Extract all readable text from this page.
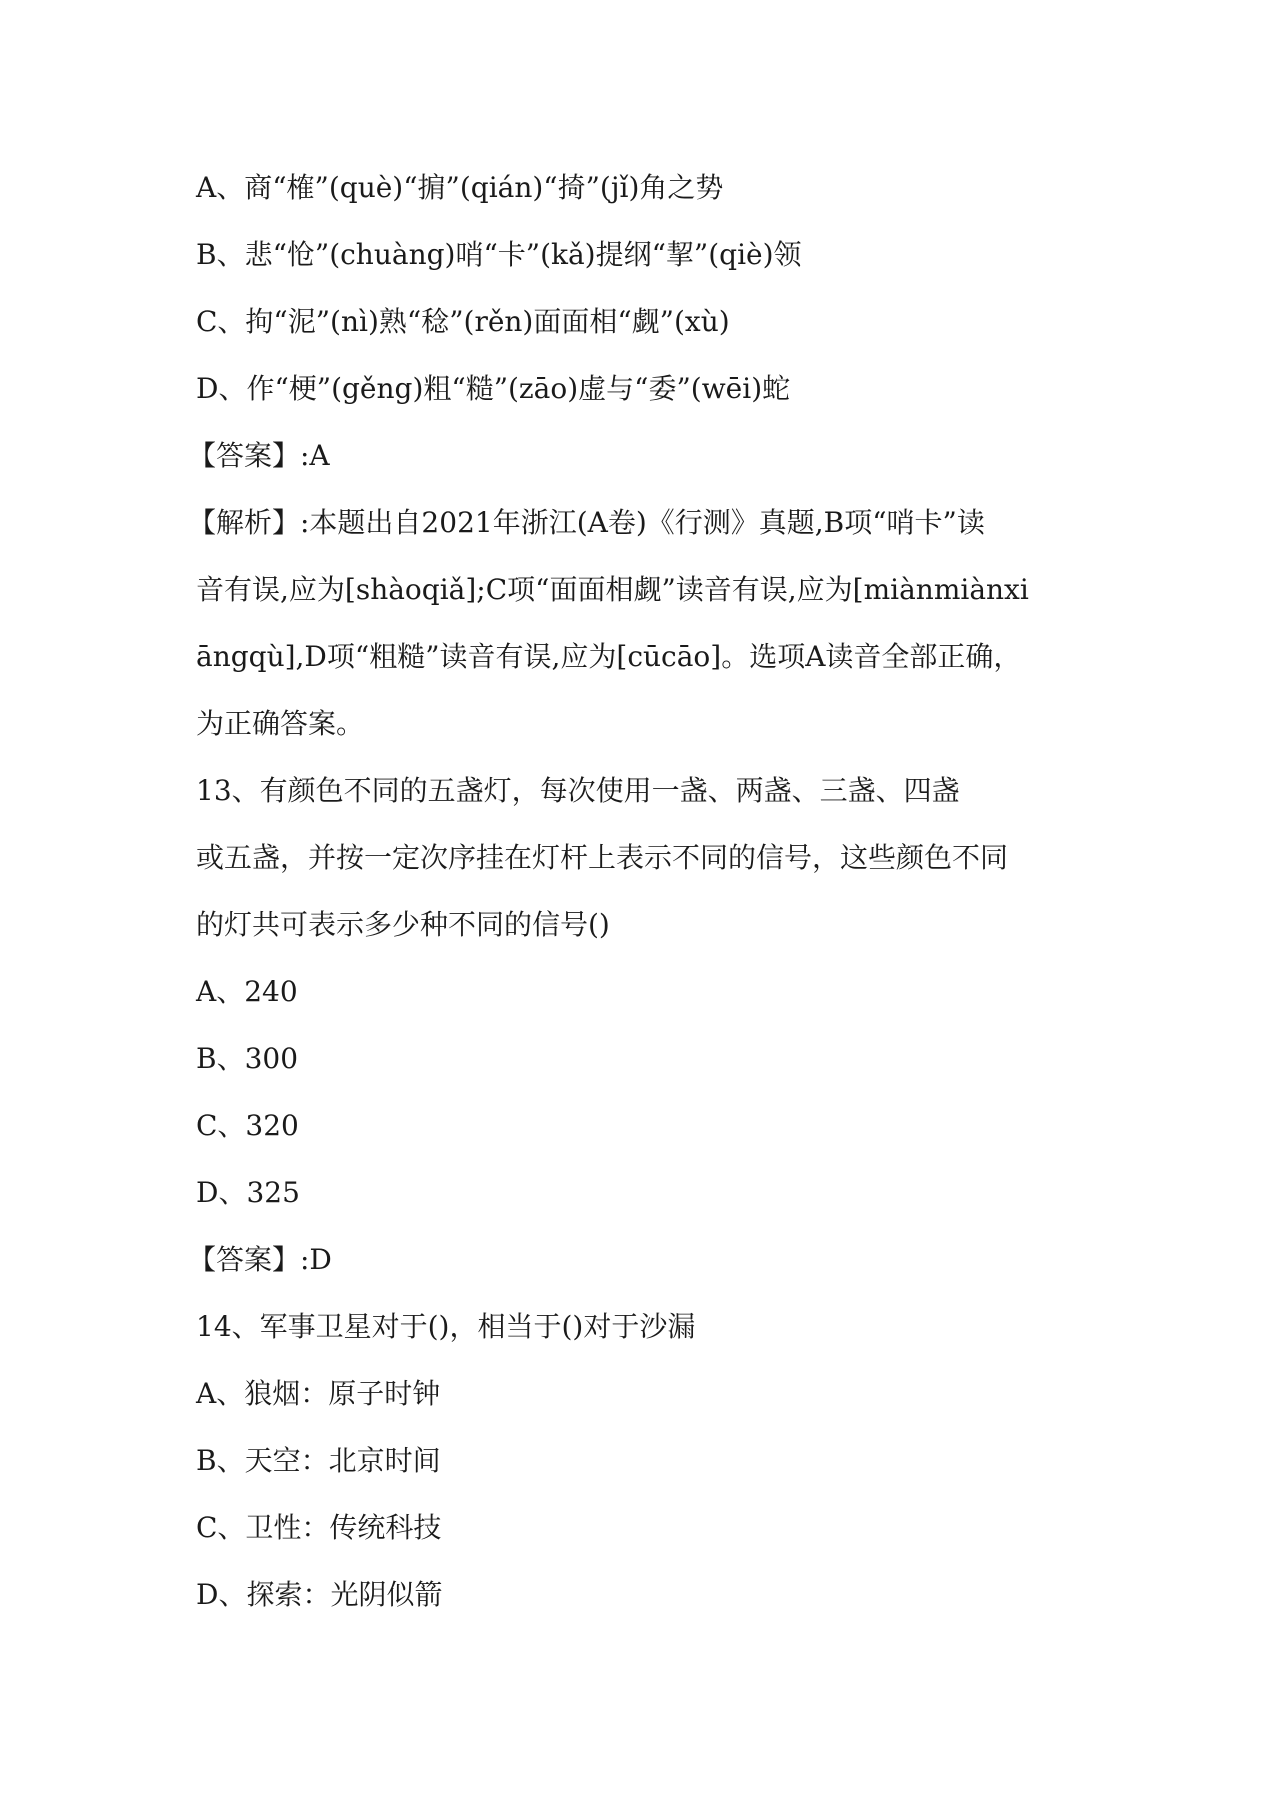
A、商“榷”(què)“掮”(qián)“掎”(jǐ)角之势
B、悲“怆”(chuàng)哨“卡”(kǎ)提纲“挈”(qiè)领
C、拘“泥”(nì)熟“稔”(rěn)面面相“觑”(xù)
D、作“梗”(gěng)粗“糙”(zāo)虚与“委”(wēi)蛇
【答案】:A
【解析】:本题出自2021年浙江(A卷)《行测》真题,B项“哨卡”读
音有误,应为[shàoqiǎ];C项“面面相觑”读音有误,应为[miànmiànxi
āngqù],D项“粗糙”读音有误,应为[cūcāo]。选项A读音全部正确，
为正确答案。
13、有颜色不同的五盏灯，每次使用一盏、两盏、三盏、四盏
或五盏，并按一定次序挂在灯杆上表示不同的信号，这些颜色不同
的灯共可表示多少种不同的信号()
A、240
B、300
C、320
D、325
【答案】:D
14、军事卫星对于()，相当于()对于沙漏
A、狼烟：原子时钟
B、天空：北京时间
C、卫性：传统科技
D、探索：光阴似箭
